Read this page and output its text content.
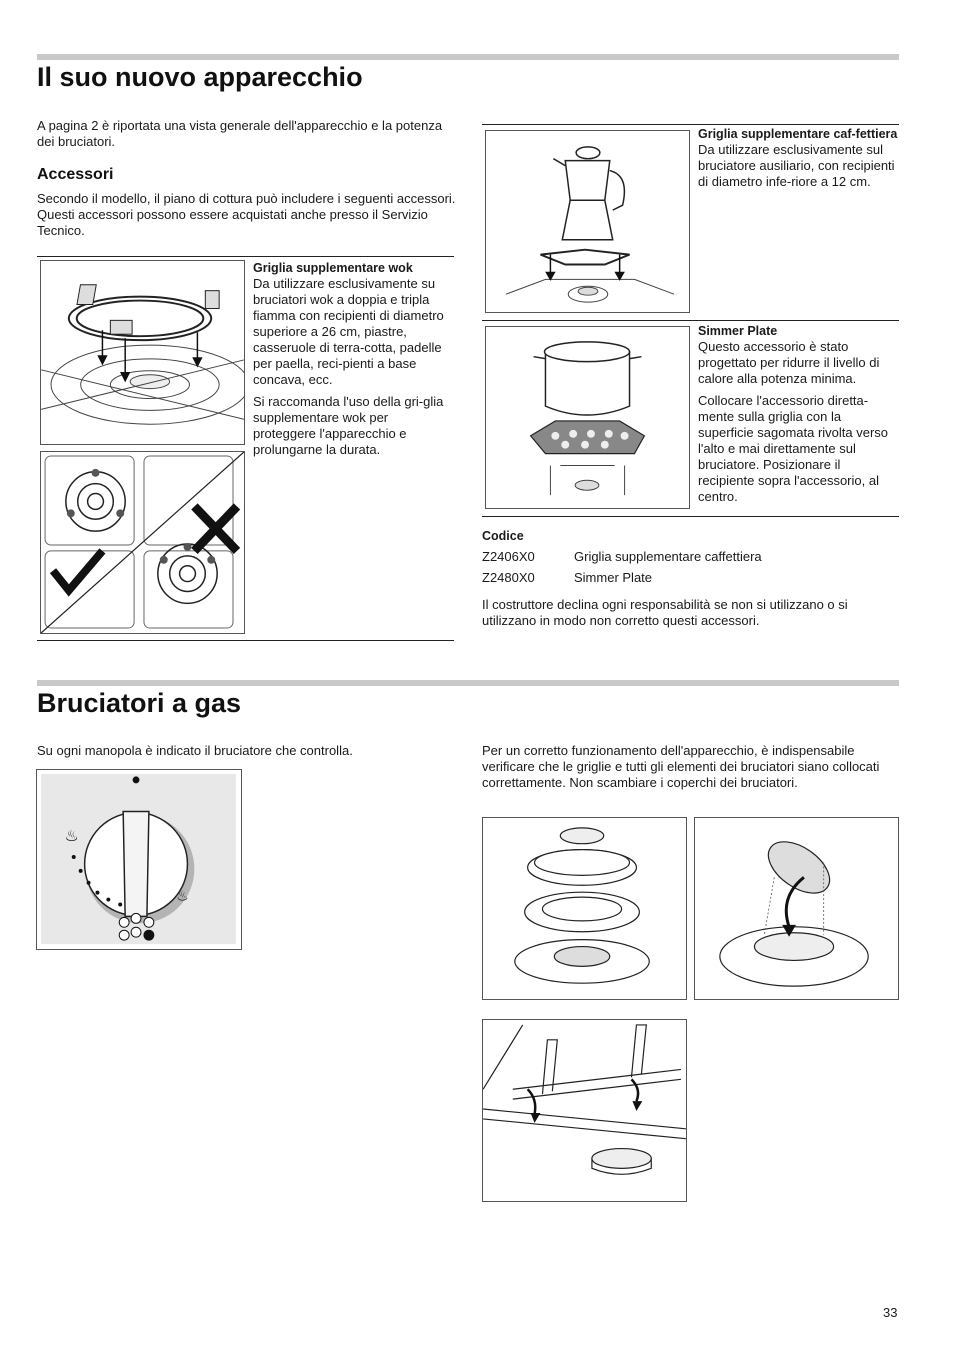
Il suo nuovo apparecchio

A pagina 2 è riportata una vista generale dell'apparecchio e la potenza dei bruciatori.

Accessori

Secondo il modello, il piano di cottura può includere i seguenti accessori. Questi accessori possono essere acquistati anche presso il Servizio Tecnico.

Griglia supplementare wok
Da utilizzare esclusivamente su bruciatori wok a doppia e tripla fiamma con recipienti di diametro superiore a 26 cm, piastre, casseruole di terra-cotta, padelle per paella, reci-pienti a base concava, ecc.
Si raccomanda l'uso della gri-glia supplementare wok per proteggere l'apparecchio e prolungarne la durata.
Griglia supplementare caf-fettiera
Da utilizzare esclusivamente sul bruciatore ausiliario, con recipienti di diametro infe-riore a 12 cm.
Simmer Plate
Questo accessorio è stato progettato per ridurre il livello di calore alla potenza minima.
Collocare l'accessorio diretta-mente sulla griglia con la superficie sagomata rivolta verso l'alto e mai direttamente sul bruciatore. Posizionare il recipiente sopra l'accessorio, al centro.
Codice
Z2406X0	Griglia supplementare caffettiera
Z2480X0	Simmer Plate

Il costruttore declina ogni responsabilità se non si utilizzano o si utilizzano in modo non corretto questi accessori.

Bruciatori a gas

Su ogni manopola è indicato il bruciatore che controlla.

♨
♨

Per un corretto funzionamento dell'apparecchio, è indispensabile verificare che le griglie e tutti gli elementi dei bruciatori siano collocati correttamente. Non scambiare i coperchi dei bruciatori.

33
